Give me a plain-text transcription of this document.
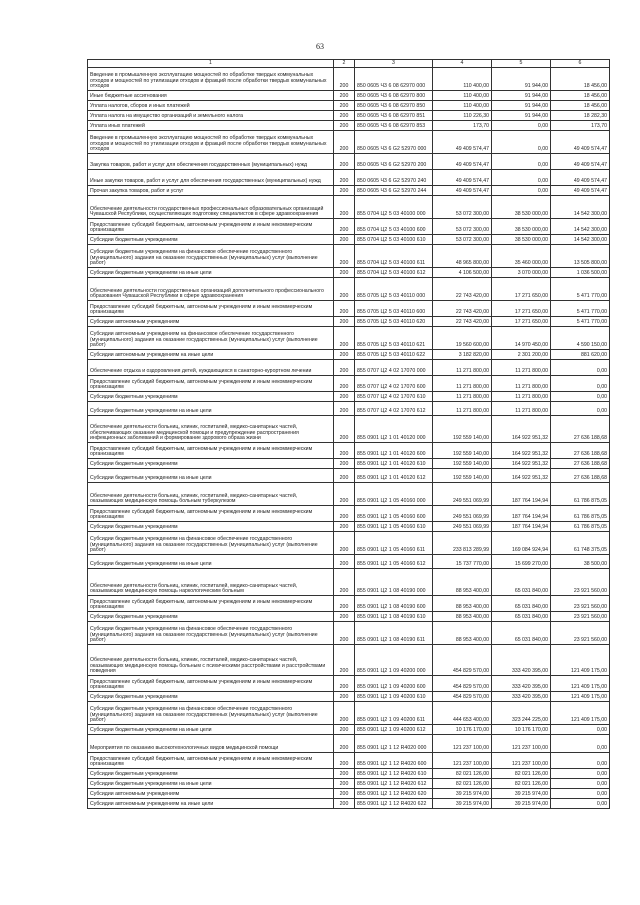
63
1	2	3	4	5	6
Введение в промышленную эксплуатацию мощностей по обработке твердых коммунальных отходов и мощностей по утилизации отходов и фракций после обработки твердых коммунальных отходов	200	850 0605 Ч3 6 08 62970 000	110 400,00	91 944,00	18 456,00
Иные бюджетные ассигнования	200	850 0605 Ч3 6 08 62970 800	110 400,00	91 944,00	18 456,00
Уплата налогов, сборов и иных платежей	200	850 0605 Ч3 6 08 62970 850	110 400,00	91 944,00	18 456,00
Уплата налога на имущество организаций и земельного налога	200	850 0605 Ч3 6 08 62970 851	110 226,30	91 944,00	18 282,30
Уплата иных платежей	200	850 0605 Ч3 6 08 62970 853	173,70	0,00	173,70
Введение в промышленную эксплуатацию мощностей по обработке твердых коммунальных отходов и мощностей по утилизации отходов и фракций после обработки твердых коммунальных отходов	200	850 0605 Ч3 6 G2 52970 000	49 409 574,47	0,00	49 409 574,47
Закупка товаров, работ и услуг для обеспечения государственных (муниципальных) нужд	200	850 0605 Ч3 6 G2 52970 200	49 409 574,47	0,00	49 409 574,47
Иные закупки товаров, работ и услуг для обеспечения государственных (муниципальных) нужд	200	850 0605 Ч3 6 G2 52970 240	49 409 574,47	0,00	49 409 574,47
Прочая закупка товаров, работ и услуг	200	850 0605 Ч3 6 G2 52970 244	49 409 574,47	0,00	49 409 574,47
Обеспечение деятельности государственных профессиональных образовательных организаций Чувашской Республики, осуществляющих подготовку специалистов в сфере здравоохранения	200	855 0704 Ц2 5 03 40100 000	53 072 300,00	38 530 000,00	14 542 300,00
Предоставление субсидий бюджетным, автономным учреждениям и иным некоммерческим организациям	200	855 0704 Ц2 5 03 40100 600	53 072 300,00	38 530 000,00	14 542 300,00
Субсидии бюджетным учреждениям	200	855 0704 Ц2 5 03 40100 610	53 072 300,00	38 530 000,00	14 542 300,00
Субсидии бюджетным учреждениям на финансовое обеспечение государственного (муниципального) задания на оказание государственных (муниципальных) услуг (выполнение работ)	200	855 0704 Ц2 5 03 40100 611	48 965 800,00	35 460 000,00	13 505 800,00
Субсидии бюджетным учреждениям на иные цели	200	855 0704 Ц2 5 03 40100 612	4 106 500,00	3 070 000,00	1 036 500,00
Обеспечение деятельности государственных организаций дополнительного профессионального образования Чувашской Республики в сфере здравоохранения	200	855 0705 Ц2 5 03 40110 000	22 743 420,00	17 271 650,00	5 471 770,00
Предоставление субсидий бюджетным, автономным учреждениям и иным некоммерческим организациям	200	855 0705 Ц2 5 03 40110 600	22 743 420,00	17 271 650,00	5 471 770,00
Субсидии автономным учреждениям	200	855 0705 Ц2 5 03 40110 620	22 743 420,00	17 271 650,00	5 471 770,00
Субсидии автономным учреждениям на финансовое обеспечение государственного (муниципального) задания на оказание государственных (муниципальных) услуг (выполнение работ)	200	855 0705 Ц2 5 03 40110 621	19 560 600,00	14 970 450,00	4 590 150,00
Субсидии автономным учреждениям на иные цели	200	855 0705 Ц2 5 03 40110 622	3 182 820,00	2 301 200,00	881 620,00
Обеспечение отдыха и оздоровления детей, нуждающихся в санаторно-курортном лечении	200	855 0707 Ц2 4 02 17070 000	11 271 800,00	11 271 800,00	0,00
Предоставление субсидий бюджетным, автономным учреждениям и иным некоммерческим организациям	200	855 0707 Ц2 4 02 17070 600	11 271 800,00	11 271 800,00	0,00
Субсидии бюджетным учреждениям	200	855 0707 Ц2 4 02 17070 610	11 271 800,00	11 271 800,00	0,00
Субсидии бюджетным учреждениям на иные цели	200	855 0707 Ц2 4 02 17070 612	11 271 800,00	11 271 800,00	0,00
Обеспечение деятельности больниц, клиник, госпиталей, медико-санитарных частей, обеспечивающих оказание медицинской помощи и предупреждение распространения инфекционных заболеваний и формирование здорового образа жизни	200	855 0901 Ц2 1 01 40120 000	192 559 140,00	164 922 951,32	27 636 188,68
Предоставление субсидий бюджетным, автономным учреждениям и иным некоммерческим организациям	200	855 0901 Ц2 1 01 40120 600	192 559 140,00	164 922 951,32	27 636 188,68
Субсидии бюджетным учреждениям	200	855 0901 Ц2 1 01 40120 610	192 559 140,00	164 922 951,32	27 636 188,68
Субсидии бюджетным учреждениям на иные цели	200	855 0901 Ц2 1 01 40120 612	192 559 140,00	164 922 951,32	27 636 188,68
Обеспечение деятельности больниц, клиник, госпиталей, медико-санитарных частей, оказывающих медицинскую помощь больным туберкулезом	200	855 0901 Ц2 1 05 40160 000	249 551 069,99	187 764 194,94	61 786 875,05
Предоставление субсидий бюджетным, автономным учреждениям и иным некоммерческим организациям	200	855 0901 Ц2 1 05 40160 600	249 551 069,99	187 764 194,94	61 786 875,05
Субсидии бюджетным учреждениям	200	855 0901 Ц2 1 05 40160 610	249 551 069,99	187 764 194,94	61 786 875,05
Субсидии бюджетным учреждениям на финансовое обеспечение государственного (муниципального) задания на оказание государственных (муниципальных) услуг (выполнение работ)	200	855 0901 Ц2 1 05 40160 611	233 813 289,99	169 084 924,94	61 748 375,05
Субсидии бюджетным учреждениям на иные цели	200	855 0901 Ц2 1 05 40160 612	15 737 770,00	15 699 270,00	38 500,00
Обеспечение деятельности больниц, клиник, госпиталей, медико-санитарных частей, оказывающих медицинскую помощь наркологическим больным	200	855 0901 Ц2 1 08 40190 000	88 953 400,00	65 031 840,00	23 921 560,00
Предоставление субсидий бюджетным, автономным учреждениям и иным некоммерческим организациям	200	855 0901 Ц2 1 08 40190 600	88 953 400,00	65 031 840,00	23 921 560,00
Субсидии бюджетным учреждениям	200	855 0901 Ц2 1 08 40190 610	88 953 400,00	65 031 840,00	23 921 560,00
Субсидии бюджетным учреждениям на финансовое обеспечение государственного (муниципального) задания на оказание государственных (муниципальных) услуг (выполнение работ)	200	855 0901 Ц2 1 08 40190 611	88 953 400,00	65 031 840,00	23 921 560,00
Обеспечение деятельности больниц, клиник, госпиталей, медико-санитарных частей, оказывающих медицинскую помощь больным с психическими расстройствами и расстройствами поведения	200	855 0901 Ц2 1 09 40200 000	454 829 570,00	333 420 395,00	121 409 175,00
Предоставление субсидий бюджетным, автономным учреждениям и иным некоммерческим организациям	200	855 0901 Ц2 1 09 40200 600	454 829 570,00	333 420 395,00	121 409 175,00
Субсидии бюджетным учреждениям	200	855 0901 Ц2 1 09 40200 610	454 829 570,00	333 420 395,00	121 409 175,00
Субсидии бюджетным учреждениям на финансовое обеспечение государственного (муниципального) задания на оказание государственных (муниципальных) услуг (выполнение работ)	200	855 0901 Ц2 1 09 40200 611	444 653 400,00	323 244 225,00	121 409 175,00
Субсидии бюджетным учреждениям на иные цели	200	855 0901 Ц2 1 09 40200 612	10 176 170,00	10 176 170,00	0,00
Мероприятия по оказанию высокотехнологичных видов медицинской помощи	200	855 0901 Ц2 1 12 R4020 000	121 237 100,00	121 237 100,00	0,00
Предоставление субсидий бюджетным, автономным учреждениям и иным некоммерческим организациям	200	855 0901 Ц2 1 12 R4020 600	121 237 100,00	121 237 100,00	0,00
Субсидии бюджетным учреждениям	200	855 0901 Ц2 1 12 R4020 610	82 021 126,00	82 021 126,00	0,00
Субсидии бюджетным учреждениям на иные цели	200	855 0901 Ц2 1 12 R4020 612	82 021 126,00	82 021 126,00	0,00
Субсидии автономным учреждениям	200	855 0901 Ц2 1 12 R4020 620	39 215 974,00	39 215 974,00	0,00
Субсидии автономным учреждениям на иные цели	200	855 0901 Ц2 1 12 R4020 622	39 215 974,00	39 215 974,00	0,00
